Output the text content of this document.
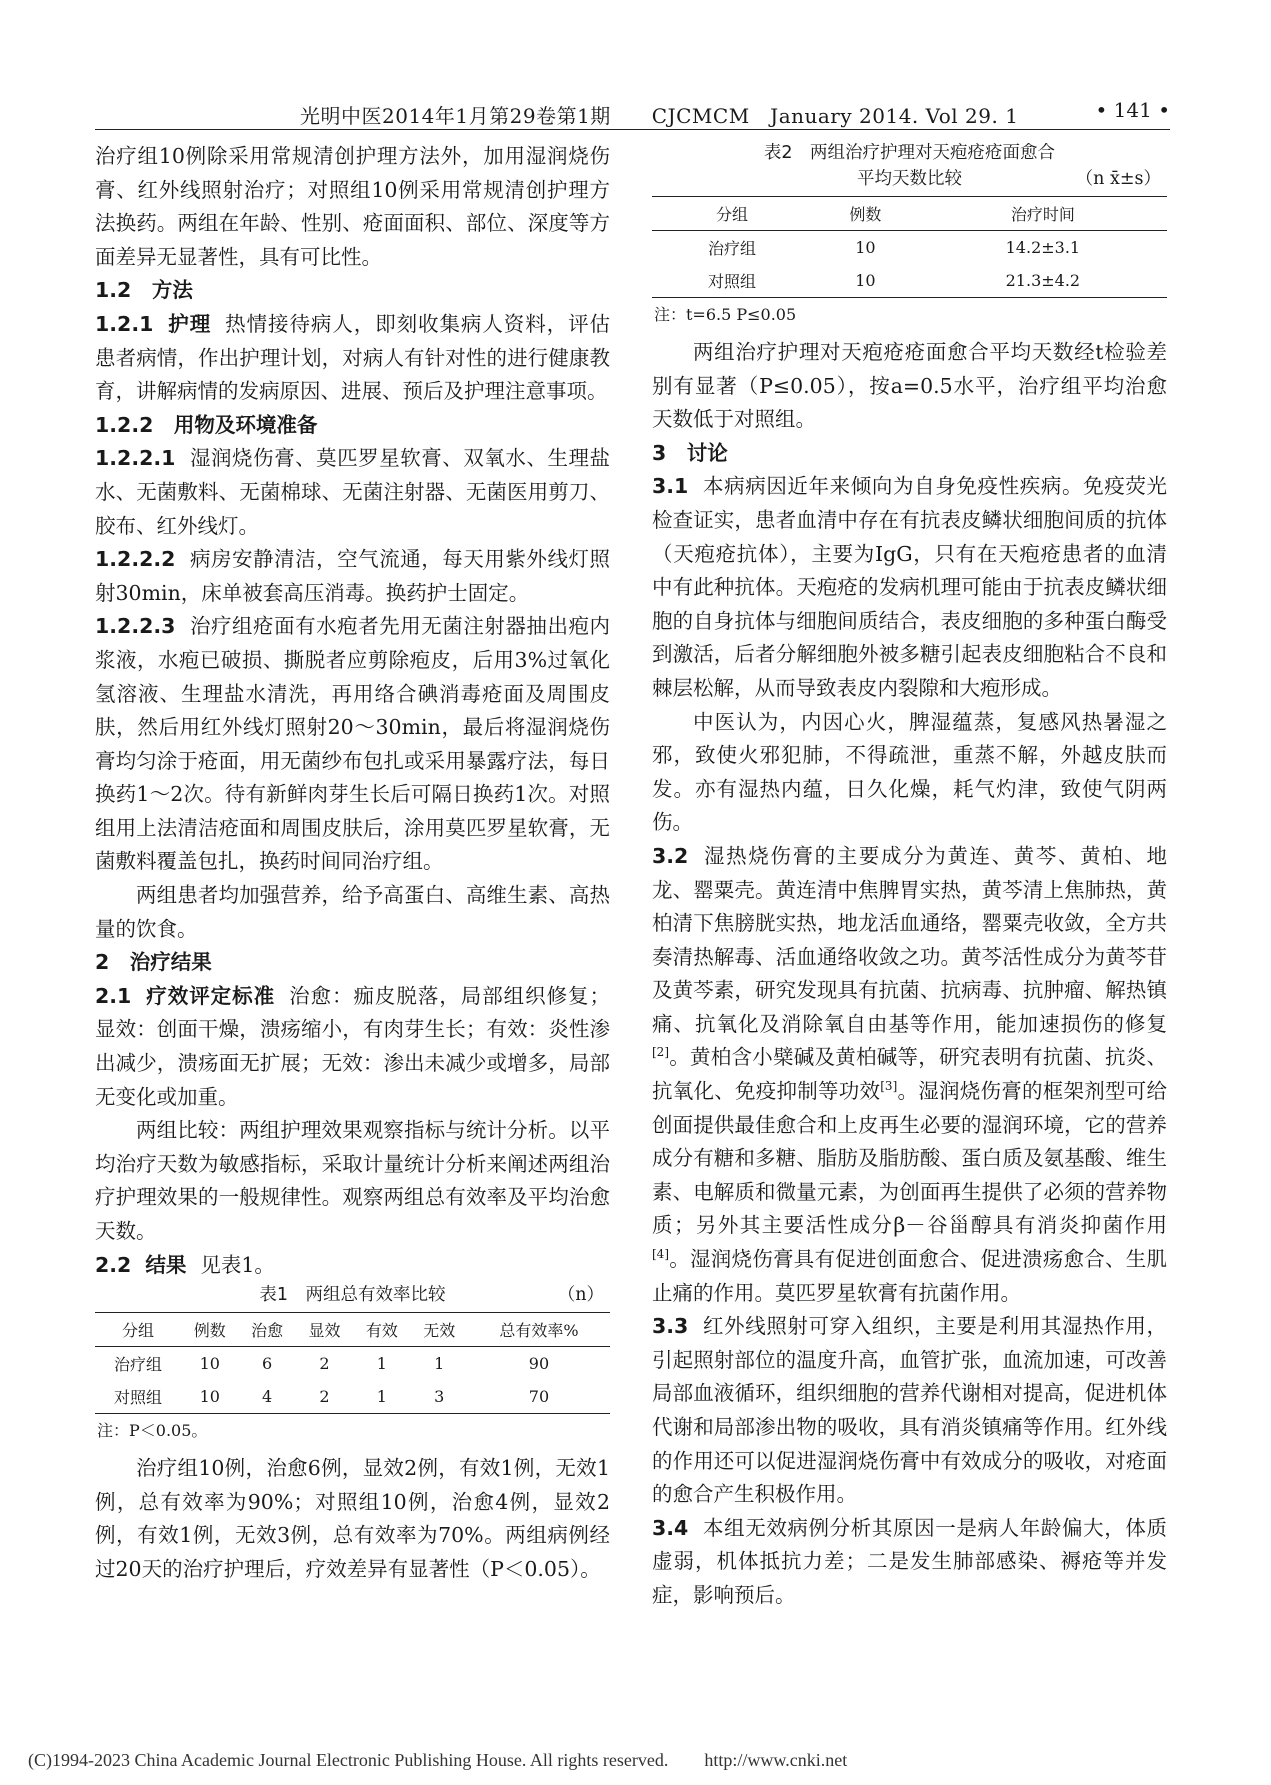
光明中医2014年1月第29卷第1期　　CJCMCM　January 2014. Vol 29. 1	• 141 •

治疗组10例除采用常规清创护理方法外，加用湿润烧伤膏、红外线照射治疗；对照组10例采用常规清创护理方法换药。两组在年龄、性别、疮面面积、部位、深度等方面差异无显著性，具有可比性。

1.2　方法

1.2.1 护理 热情接待病人，即刻收集病人资料，评估患者病情，作出护理计划，对病人有针对性的进行健康教育，讲解病情的发病原因、进展、预后及护理注意事项。

1.2.2　用物及环境准备

1.2.2.1 湿润烧伤膏、莫匹罗星软膏、双氧水、生理盐水、无菌敷料、无菌棉球、无菌注射器、无菌医用剪刀、胶布、红外线灯。

1.2.2.2 病房安静清洁，空气流通，每天用紫外线灯照射30min，床单被套高压消毒。换药护士固定。

1.2.2.3 治疗组疮面有水疱者先用无菌注射器抽出疱内浆液，水疱已破损、撕脱者应剪除疱皮，后用3%过氧化氢溶液、生理盐水清洗，再用络合碘消毒疮面及周围皮肤，然后用红外线灯照射20～30min，最后将湿润烧伤膏均匀涂于疮面，用无菌纱布包扎或采用暴露疗法，每日换药1～2次。待有新鲜肉芽生长后可隔日换药1次。对照组用上法清洁疮面和周围皮肤后，涂用莫匹罗星软膏，无菌敷料覆盖包扎，换药时间同治疗组。

两组患者均加强营养，给予高蛋白、高维生素、高热量的饮食。

2　治疗结果

2.1 疗效评定标准 治愈：痂皮脱落，局部组织修复；显效：创面干燥，溃疡缩小，有肉芽生长；有效：炎性渗出减少，溃疡面无扩展；无效：渗出未减少或增多，局部无变化或加重。

两组比较：两组护理效果观察指标与统计分析。以平均治疗天数为敏感指标，采取计量统计分析来阐述两组治疗护理效果的一般规律性。观察两组总有效率及平均治愈天数。

2.2 结果 见表1。

表1　两组总有效率比较	（n）
分组	例数	治愈	显效	有效	无效	总有效率%
治疗组	10	6	2	1	1	90
对照组	10	4	2	1	3	70
注：P＜0.05。

治疗组10例，治愈6例，显效2例，有效1例，无效1例，总有效率为90%；对照组10例，治愈4例，显效2例，有效1例，无效3例，总有效率为70%。两组病例经过20天的治疗护理后，疗效差异有显著性（P＜0.05）。

表2　两组治疗护理对天疱疮疮面愈合
平均天数比较	（n x̄±s）
分组	例数	治疗时间
治疗组	10	14.2±3.1
对照组	10	21.3±4.2
注：t=6.5 P≤0.05

两组治疗护理对天疱疮疮面愈合平均天数经t检验差别有显著（P≤0.05），按a=0.5水平，治疗组平均治愈天数低于对照组。

3　讨论

3.1 本病病因近年来倾向为自身免疫性疾病。免疫荧光检查证实，患者血清中存在有抗表皮鳞状细胞间质的抗体（天疱疮抗体），主要为IgG，只有在天疱疮患者的血清中有此种抗体。天疱疮的发病机理可能由于抗表皮鳞状细胞的自身抗体与细胞间质结合，表皮细胞的多种蛋白酶受到激活，后者分解细胞外被多糖引起表皮细胞粘合不良和棘层松解，从而导致表皮内裂隙和大疱形成。

中医认为，内因心火，脾湿蕴蒸，复感风热暑湿之邪，致使火邪犯肺，不得疏泄，重蒸不解，外越皮肤而发。亦有湿热内蕴，日久化燥，耗气灼津，致使气阴两伤。

3.2 湿热烧伤膏的主要成分为黄连、黄芩、黄柏、地龙、罂粟壳。黄连清中焦脾胃实热，黄芩清上焦肺热，黄柏清下焦膀胱实热，地龙活血通络，罂粟壳收敛，全方共奏清热解毒、活血通络收敛之功。黄芩活性成分为黄芩苷及黄芩素，研究发现具有抗菌、抗病毒、抗肿瘤、解热镇痛、抗氧化及消除氧自由基等作用，能加速损伤的修复[2]。黄柏含小檗碱及黄柏碱等，研究表明有抗菌、抗炎、抗氧化、免疫抑制等功效[3]。湿润烧伤膏的框架剂型可给创面提供最佳愈合和上皮再生必要的湿润环境，它的营养成分有糖和多糖、脂肪及脂肪酸、蛋白质及氨基酸、维生素、电解质和微量元素，为创面再生提供了必须的营养物质；另外其主要活性成分β－谷甾醇具有消炎抑菌作用[4]。湿润烧伤膏具有促进创面愈合、促进溃疡愈合、生肌止痛的作用。莫匹罗星软膏有抗菌作用。

3.3 红外线照射可穿入组织，主要是利用其湿热作用，引起照射部位的温度升高，血管扩张，血流加速，可改善局部血液循环，组织细胞的营养代谢相对提高，促进机体代谢和局部渗出物的吸收，具有消炎镇痛等作用。红外线的作用还可以促进湿润烧伤膏中有效成分的吸收，对疮面的愈合产生积极作用。

3.4 本组无效病例分析其原因一是病人年龄偏大，体质虚弱，机体抵抗力差；二是发生肺部感染、褥疮等并发症，影响预后。

(C)1994-2023 China Academic Journal Electronic Publishing House. All rights reserved.　　http://www.cnki.net
